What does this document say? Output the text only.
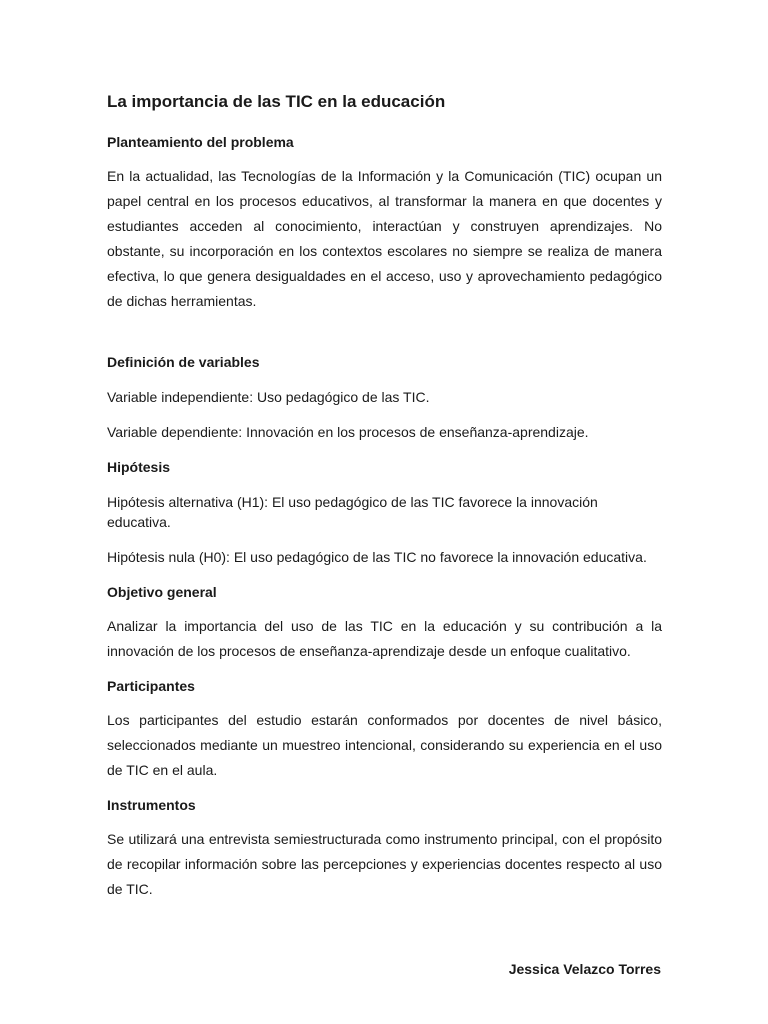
La importancia de las TIC en la educación
Planteamiento del problema

En la actualidad, las Tecnologías de la Información y la Comunicación (TIC) ocupan un papel central en los procesos educativos, al transformar la manera en que docentes y estudiantes acceden al conocimiento, interactúan y construyen aprendizajes. No obstante, su incorporación en los contextos escolares no siempre se realiza de manera efectiva, lo que genera desigualdades en el acceso, uso y aprovechamiento pedagógico de dichas herramientas.

Definición de variables

Variable independiente: Uso pedagógico de las TIC.

Variable dependiente: Innovación en los procesos de enseñanza-aprendizaje.

Hipótesis

Hipótesis alternativa (H1): El uso pedagógico de las TIC favorece la innovación educativa.

Hipótesis nula (H0): El uso pedagógico de las TIC no favorece la innovación educativa.

Objetivo general

Analizar la importancia del uso de las TIC en la educación y su contribución a la innovación de los procesos de enseñanza-aprendizaje desde un enfoque cualitativo.

Participantes

Los participantes del estudio estarán conformados por docentes de nivel básico, seleccionados mediante un muestreo intencional, considerando su experiencia en el uso de TIC en el aula.

Instrumentos

Se utilizará una entrevista semiestructurada como instrumento principal, con el propósito de recopilar información sobre las percepciones y experiencias docentes respecto al uso de TIC.

Jessica Velazco Torres
